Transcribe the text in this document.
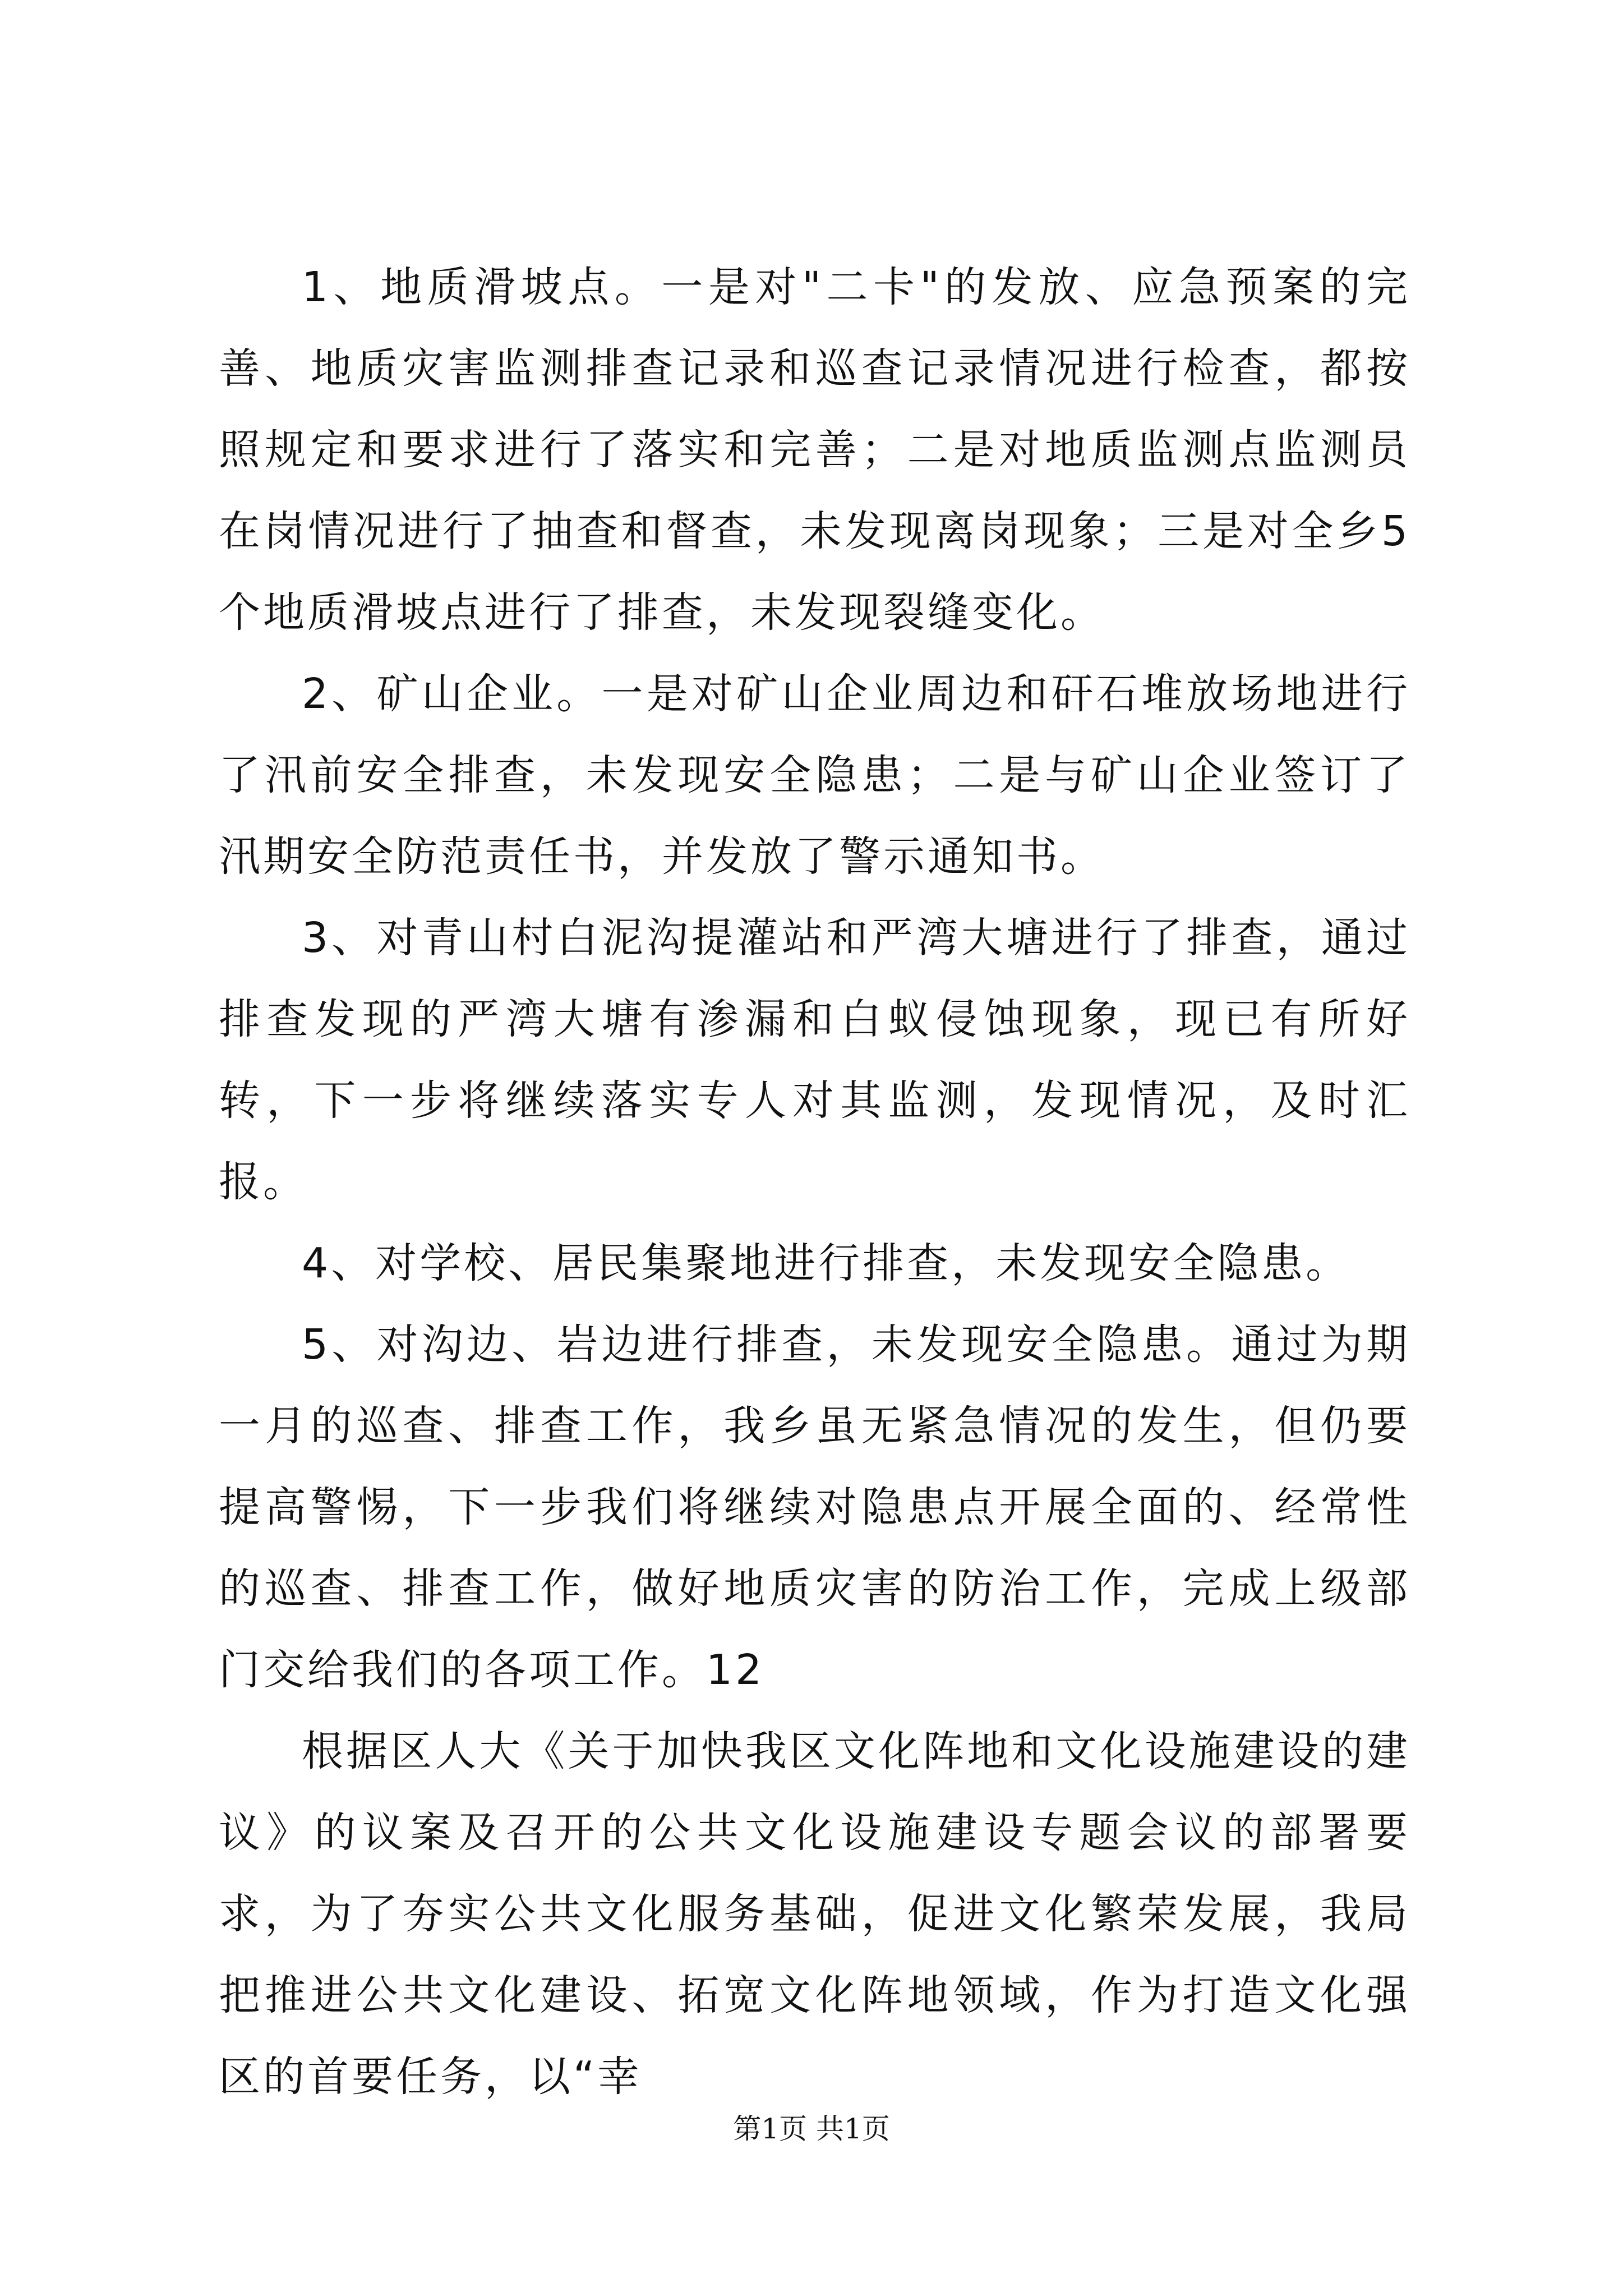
1、地质滑坡点。一是对"二卡"的发放、应急预案的完善、地质灾害监测排查记录和巡查记录情况进行检查，都按照规定和要求进行了落实和完善；二是对地质监测点监测员在岗情况进行了抽查和督查，未发现离岗现象；三是对全乡5个地质滑坡点进行了排查，未发现裂缝变化。

2、矿山企业。一是对矿山企业周边和矸石堆放场地进行了汛前安全排查，未发现安全隐患；二是与矿山企业签订了汛期安全防范责任书，并发放了警示通知书。

3、对青山村白泥沟提灌站和严湾大塘进行了排查，通过排查发现的严湾大塘有渗漏和白蚁侵蚀现象，现已有所好转，下一步将继续落实专人对其监测，发现情况，及时汇报。

4、对学校、居民集聚地进行排查，未发现安全隐患。

5、对沟边、岩边进行排查，未发现安全隐患。通过为期一月的巡查、排查工作，我乡虽无紧急情况的发生，但仍要提高警惕，下一步我们将继续对隐患点开展全面的、经常性的巡查、排查工作，做好地质灾害的防治工作，完成上级部门交给我们的各项工作。12

根据区人大《关于加快我区文化阵地和文化设施建设的建议》的议案及召开的公共文化设施建设专题会议的部署要求，为了夯实公共文化服务基础，促进文化繁荣发展，我局把推进公共文化建设、拓宽文化阵地领域，作为打造文化强区的首要任务，以“幸

第1页 共1页
